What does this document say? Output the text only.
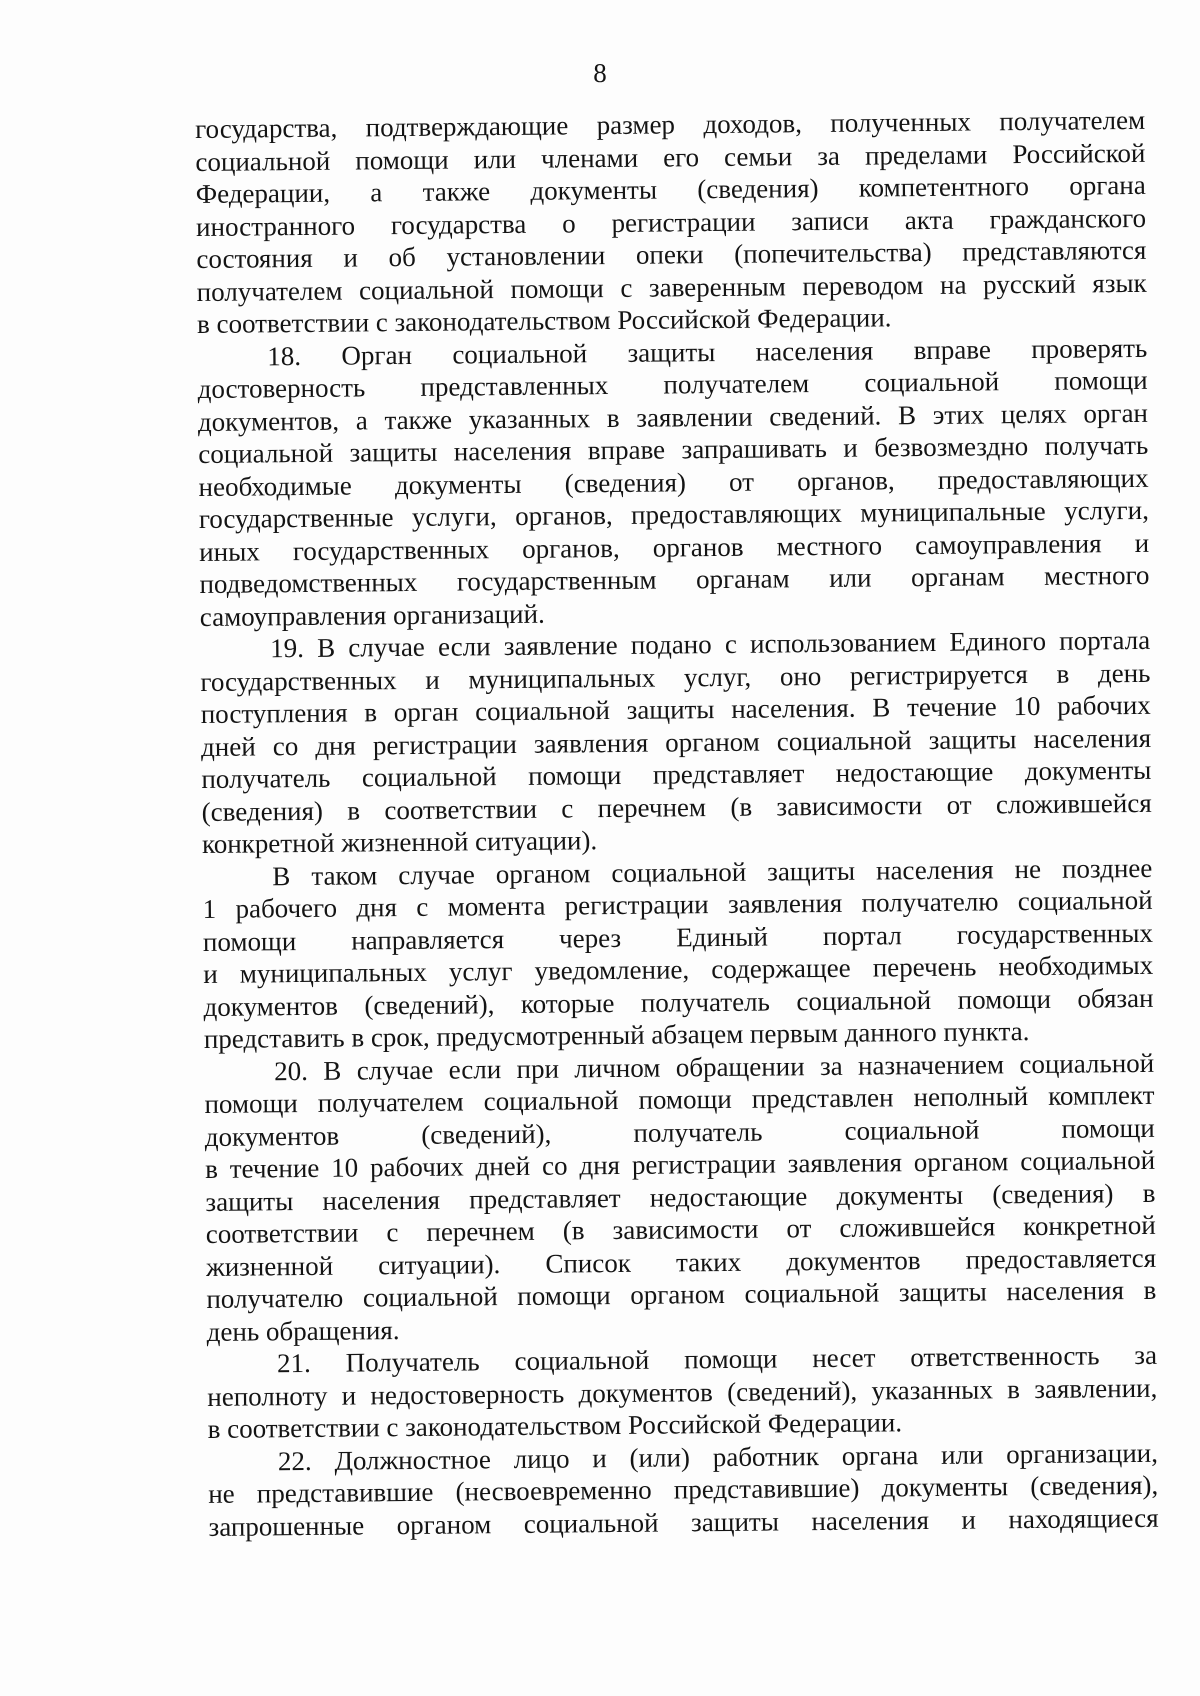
8
государства, подтверждающие размер доходов, полученных получателем
социальной помощи или членами его семьи за пределами Российской
Федерации, а также документы (сведения) компетентного органа
иностранного государства о регистрации записи акта гражданского
состояния и об установлении опеки (попечительства) представляются
получателем социальной помощи с заверенным переводом на русский язык
в соответствии с законодательством Российской Федерации.
18. Орган социальной защиты населения вправе проверять
достоверность представленных получателем социальной помощи
документов, а также указанных в заявлении сведений. В этих целях орган
социальной защиты населения вправе запрашивать и безвозмездно получать
необходимые документы (сведения) от органов, предоставляющих
государственные услуги, органов, предоставляющих муниципальные услуги,
иных государственных органов, органов местного самоуправления и
подведомственных государственным органам или органам местного
самоуправления организаций.
19. В случае если заявление подано с использованием Единого портала
государственных и муниципальных услуг, оно регистрируется в день
поступления в орган социальной защиты населения. В течение 10 рабочих
дней со дня регистрации заявления органом социальной защиты населения
получатель социальной помощи представляет недостающие документы
(сведения) в соответствии с перечнем (в зависимости от сложившейся
конкретной жизненной ситуации).
В таком случае органом социальной защиты населения не позднее
1 рабочего дня с момента регистрации заявления получателю социальной
помощи направляется через Единый портал государственных
и муниципальных услуг уведомление, содержащее перечень необходимых
документов (сведений), которые получатель социальной помощи обязан
представить в срок, предусмотренный абзацем первым данного пункта.
20. В случае если при личном обращении за назначением социальной
помощи получателем социальной помощи представлен неполный комплект
документов (сведений), получатель социальной помощи
в течение 10 рабочих дней со дня регистрации заявления органом социальной
защиты населения представляет недостающие документы (сведения) в
соответствии с перечнем (в зависимости от сложившейся конкретной
жизненной ситуации). Список таких документов предоставляется
получателю социальной помощи органом социальной защиты населения в
день обращения.
21. Получатель социальной помощи несет ответственность за
неполноту и недостоверность документов (сведений), указанных в заявлении,
в соответствии с законодательством Российской Федерации.
22. Должностное лицо и (или) работник органа или организации,
не представившие (несвоевременно представившие) документы (сведения),
запрошенные органом социальной защиты населения и находящиеся
